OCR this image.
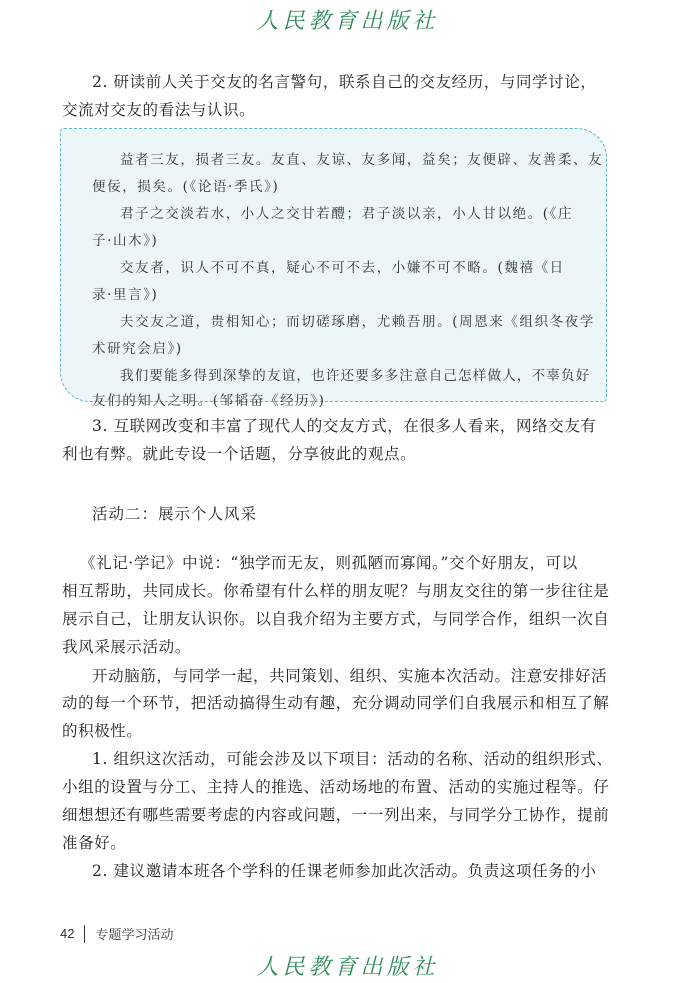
人民教育出版社
2. 研读前人关于交友的名言警句，联系自己的交友经历，与同学讨论，
交流对交友的看法与认识。
益者三友，损者三友。友直、友谅、友多闻，益矣；友便辟、友善柔、友
便佞，损矣。(《论语·季氏》)
君子之交淡若水，小人之交甘若醴；君子淡以亲，小人甘以绝。(《庄
子·山木》)
交友者，识人不可不真，疑心不可不去，小嫌不可不略。(魏禧《日
录·里言》)
夫交友之道，贵相知心；而切磋琢磨，尤赖吾朋。(周恩来《组织冬夜学
术研究会启》)
我们要能多得到深挚的友谊，也许还要多多注意自己怎样做人，不辜负好
友们的知人之明。(邹韬奋《经历》)
3. 互联网改变和丰富了现代人的交友方式，在很多人看来，网络交友有
利也有弊。就此专设一个话题，分享彼此的观点。
活动二：展示个人风采
《礼记·学记》中说：“独学而无友，则孤陋而寡闻。”交个好朋友，可以
相互帮助，共同成长。你希望有什么样的朋友呢？与朋友交往的第一步往往是
展示自己，让朋友认识你。以自我介绍为主要方式，与同学合作，组织一次自
我风采展示活动。
开动脑筋，与同学一起，共同策划、组织、实施本次活动。注意安排好活
动的每一个环节，把活动搞得生动有趣，充分调动同学们自我展示和相互了解
的积极性。
1. 组织这次活动，可能会涉及以下项目：活动的名称、活动的组织形式、
小组的设置与分工、主持人的推选、活动场地的布置、活动的实施过程等。仔
细想想还有哪些需要考虑的内容或问题，一一列出来，与同学分工协作，提前
准备好。
2. 建议邀请本班各个学科的任课老师参加此次活动。负责这项任务的小
42 专题学习活动
人民教育出版社
